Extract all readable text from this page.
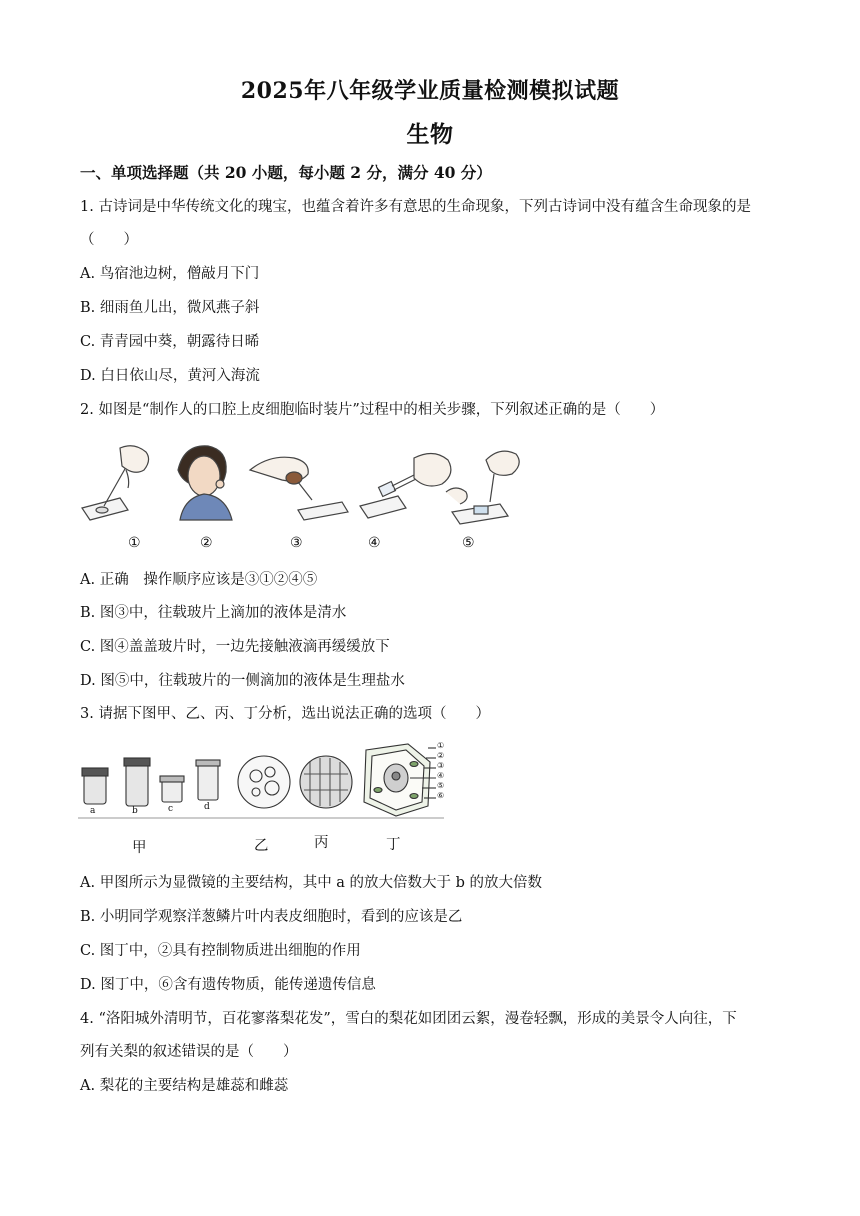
2025年八年级学业质量检测模拟试题
生物
一、单项选择题（共 20 小题，每小题 2 分，满分 40 分）
1. 古诗词是中华传统文化的瑰宝，也蕴含着许多有意思的生命现象，下列古诗词中没有蕴含生命现象的是
（　　）
A. 鸟宿池边树，僧敲月下门
B. 细雨鱼儿出，微风燕子斜
C. 青青园中葵，朝露待日晞
D. 白日依山尽，黄河入海流
2. 如图是“制作人的口腔上皮细胞临时装片”过程中的相关步骤，下列叙述正确的是（　　）
①	②	③	④	⑤
A. 正确　操作顺序应该是③①②④⑤
B. 图③中，往载玻片上滴加的液体是清水
C. 图④盖盖玻片时，一边先接触液滴再缓缓放下
D. 图⑤中，往载玻片的一侧滴加的液体是生理盐水
3. 请据下图甲、乙、丙、丁分析，选出说法正确的选项（　　）
a	b	c	d
①
②
③
④
⑤
⑥
甲	乙	丙	丁
A. 甲图所示为显微镜的主要结构，其中 a 的放大倍数大于 b 的放大倍数
B. 小明同学观察洋葱鳞片叶内表皮细胞时，看到的应该是乙
C. 图丁中，②具有控制物质进出细胞的作用
D. 图丁中，⑥含有遗传物质，能传递遗传信息
4. “洛阳城外清明节，百花寥落梨花发”，雪白的梨花如团团云絮，漫卷轻飘，形成的美景令人向往，下
列有关梨的叙述错误的是（　　）
A. 梨花的主要结构是雄蕊和雌蕊
